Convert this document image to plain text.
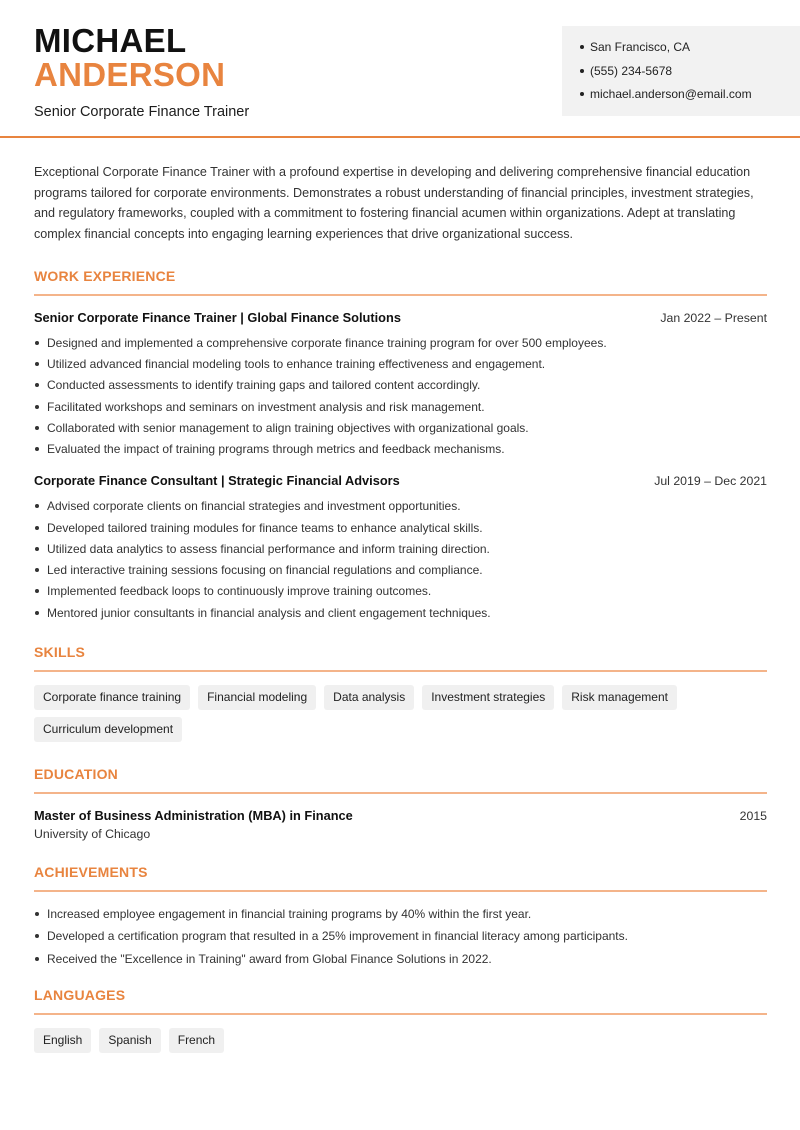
MICHAEL
ANDERSON
Senior Corporate Finance Trainer
San Francisco, CA
(555) 234-5678
michael.anderson@email.com

Exceptional Corporate Finance Trainer with a profound expertise in developing and delivering comprehensive financial education programs tailored for corporate environments. Demonstrates a robust understanding of financial principles, investment strategies, and regulatory frameworks, coupled with a commitment to fostering financial acumen within organizations. Adept at translating complex financial concepts into engaging learning experiences that drive organizational success.

WORK EXPERIENCE
Senior Corporate Finance Trainer | Global Finance Solutions	Jan 2022 – Present
Designed and implemented a comprehensive corporate finance training program for over 500 employees.
Utilized advanced financial modeling tools to enhance training effectiveness and engagement.
Conducted assessments to identify training gaps and tailored content accordingly.
Facilitated workshops and seminars on investment analysis and risk management.
Collaborated with senior management to align training objectives with organizational goals.
Evaluated the impact of training programs through metrics and feedback mechanisms.
Corporate Finance Consultant | Strategic Financial Advisors	Jul 2019 – Dec 2021
Advised corporate clients on financial strategies and investment opportunities.
Developed tailored training modules for finance teams to enhance analytical skills.
Utilized data analytics to assess financial performance and inform training direction.
Led interactive training sessions focusing on financial regulations and compliance.
Implemented feedback loops to continuously improve training outcomes.
Mentored junior consultants in financial analysis and client engagement techniques.
SKILLS
Corporate finance training	Financial modeling	Data analysis	Investment strategies	Risk management
Curriculum development
EDUCATION
Master of Business Administration (MBA) in Finance	2015
University of Chicago
ACHIEVEMENTS
Increased employee engagement in financial training programs by 40% within the first year.
Developed a certification program that resulted in a 25% improvement in financial literacy among participants.
Received the "Excellence in Training" award from Global Finance Solutions in 2022.
LANGUAGES
English	Spanish	French
